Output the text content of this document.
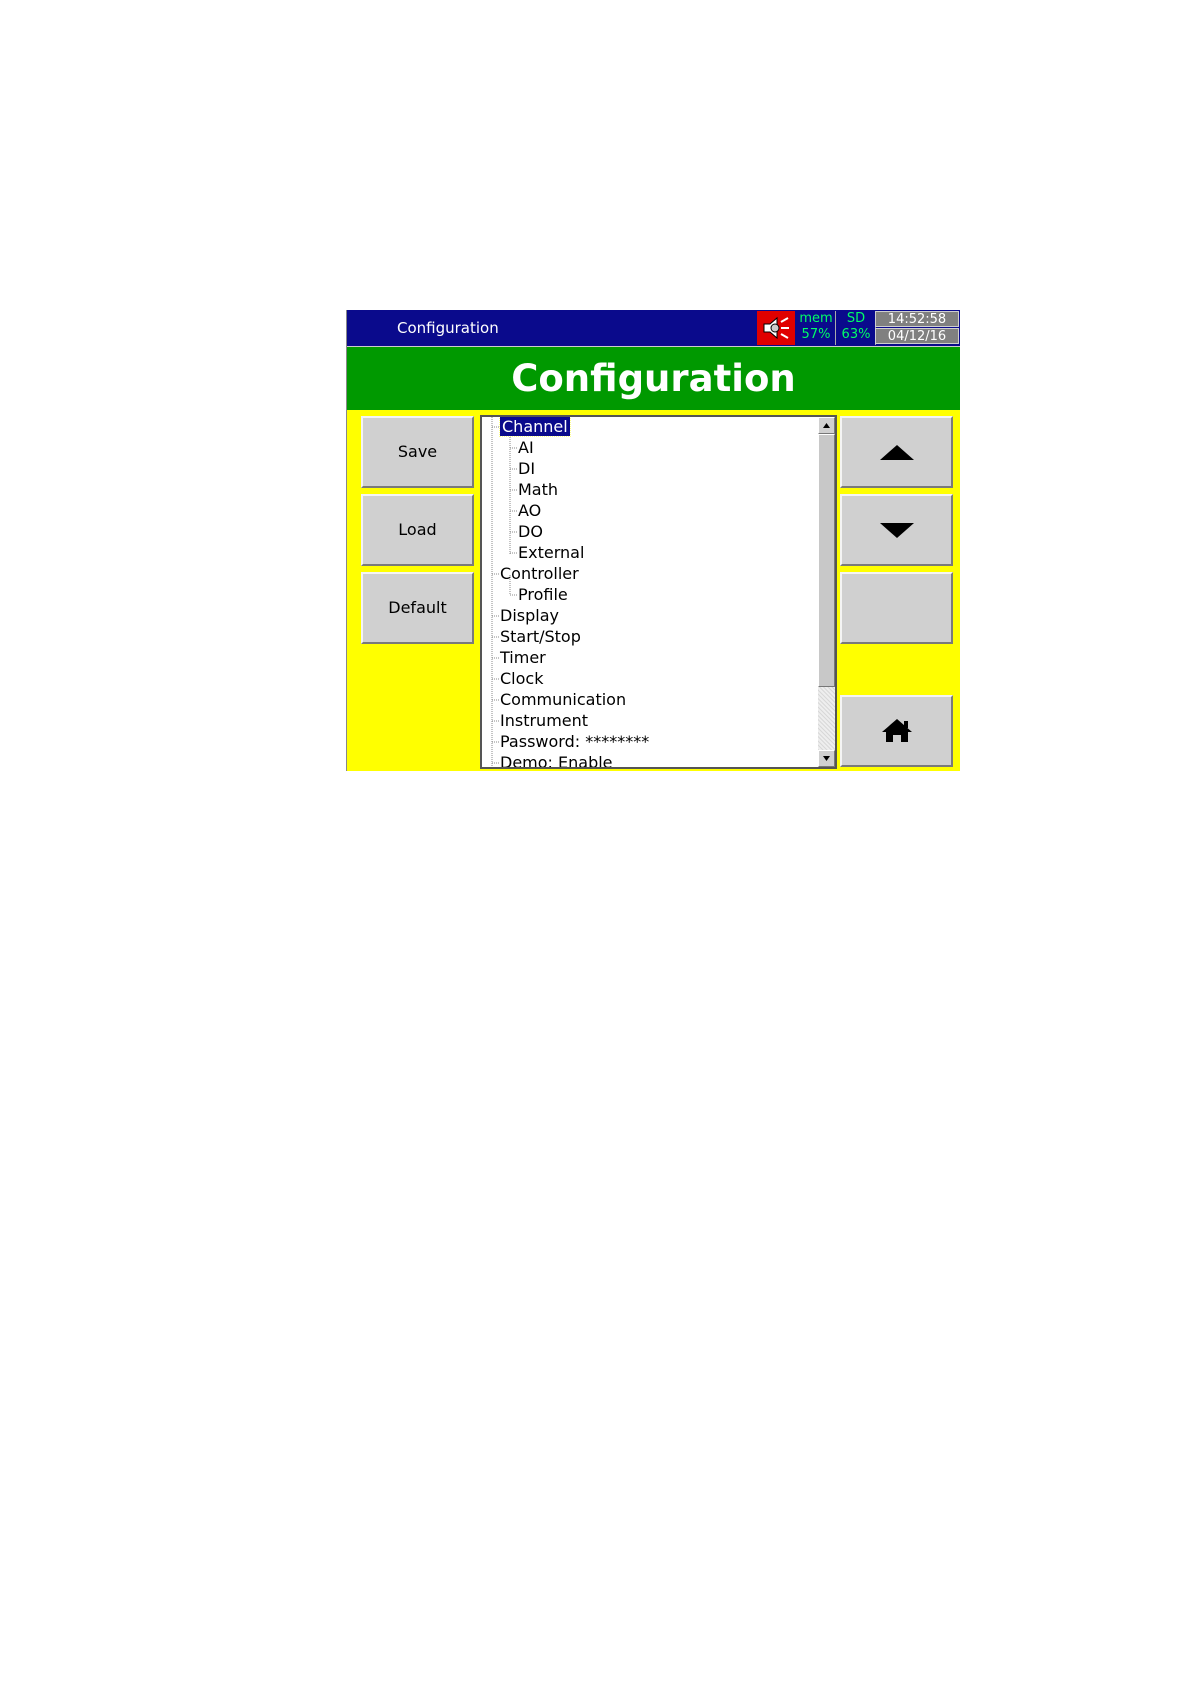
Configuration
mem
57%
SD
63%
14:52:58
04/12/16
Configuration
Save
Load
Default
Channel
AI
DI
Math
AO
DO
External
Controller
Profile
Display
Start/Stop
Timer
Clock
Communication
Instrument
Password: ********
Demo: Enable
